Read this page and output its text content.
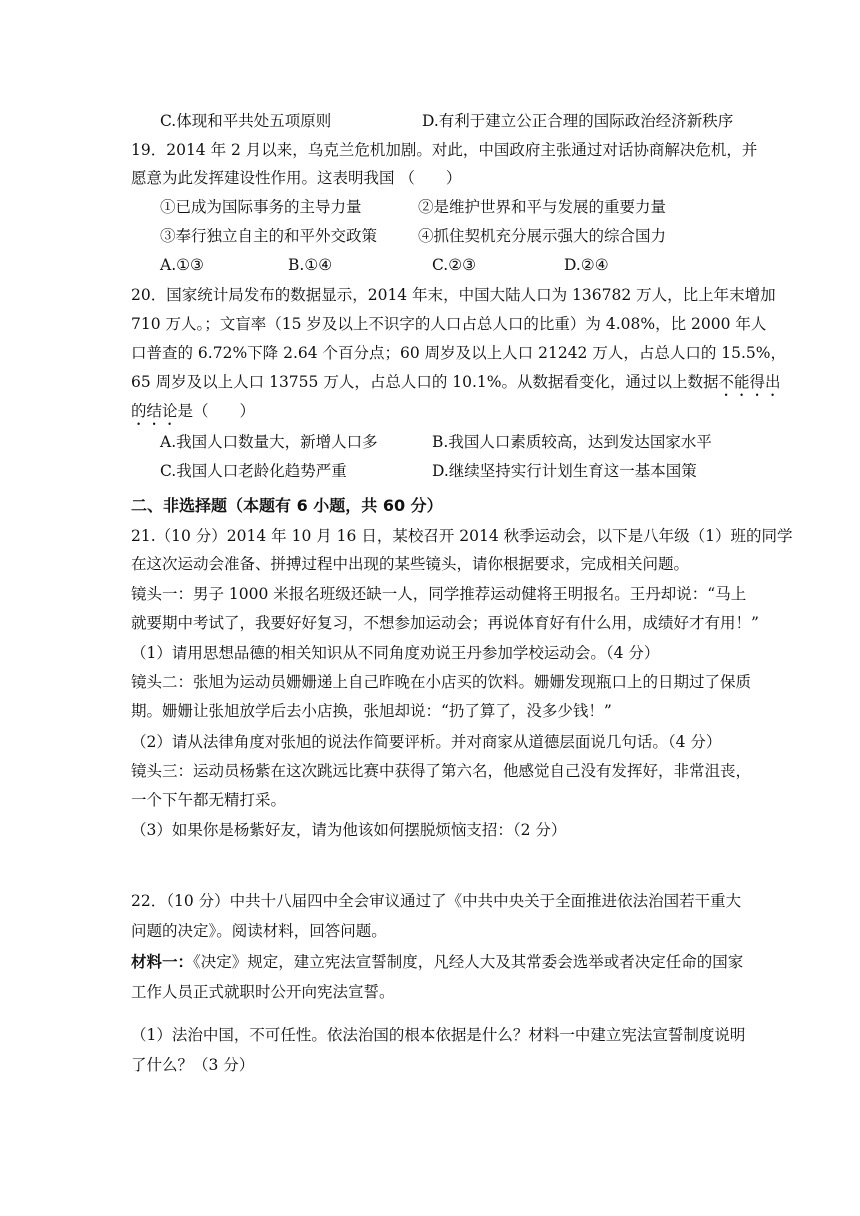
C.体现和平共处五项原则	D.有利于建立公正合理的国际政治经济新秩序
19．2014 年 2 月以来，乌克兰危机加剧。对此，中国政府主张通过对话协商解决危机，并
愿意为此发挥建设性作用。这表明我国 （　　）
①已成为国际事务的主导力量	②是维护世界和平与发展的重要力量
③奉行独立自主的和平外交政策	④抓住契机充分展示强大的综合国力
A.①③	B.①④	C.②③	D.②④
20．国家统计局发布的数据显示，2014 年末，中国大陆人口为 136782 万人，比上年末增加
710 万人。；文盲率（15 岁及以上不识字的人口占总人口的比重）为 4.08%，比 2000 年人
口普查的 6.72%下降 2.64 个百分点；60 周岁及以上人口 21242 万人，占总人口的 15.5%，
65 周岁及以上人口 13755 万人，占总人口的 10.1%。从数据看变化，通过以上数据不能得出
的结论是（　　）
A.我国人口数量大，新增人口多	B.我国人口素质较高，达到发达国家水平
C.我国人口老龄化趋势严重	D.继续坚持实行计划生育这一基本国策
二、非选择题（本题有 6 小题，共 60 分）
21.（10 分）2014 年 10 月 16 日，某校召开 2014 秋季运动会，以下是八年级（1）班的同学
在这次运动会准备、拼搏过程中出现的某些镜头，请你根据要求，完成相关问题。
镜头一：男子 1000 米报名班级还缺一人，同学推荐运动健将王明报名。王丹却说：“马上
就要期中考试了，我要好好复习，不想参加运动会；再说体育好有什么用，成绩好才有用！”
（1）请用思想品德的相关知识从不同角度劝说王丹参加学校运动会。（4 分）
镜头二：张旭为运动员姗姗递上自己昨晚在小店买的饮料。姗姗发现瓶口上的日期过了保质
期。姗姗让张旭放学后去小店换，张旭却说：“扔了算了，没多少钱！”
（2）请从法律角度对张旭的说法作简要评析。并对商家从道德层面说几句话。（4 分）
镜头三：运动员杨紫在这次跳远比赛中获得了第六名，他感觉自己没有发挥好，非常沮丧，
一个下午都无精打采。
（3）如果你是杨紫好友，请为他该如何摆脱烦恼支招：（2 分）
22．（10 分）中共十八届四中全会审议通过了《中共中央关于全面推进依法治国若干重大
问题的决定》。阅读材料，回答问题。
材料一：《决定》规定，建立宪法宣誓制度，凡经人大及其常委会选举或者决定任命的国家
工作人员正式就职时公开向宪法宣誓。
（1）法治中国，不可任性。依法治国的根本依据是什么？材料一中建立宪法宣誓制度说明
了什么？（3 分）
